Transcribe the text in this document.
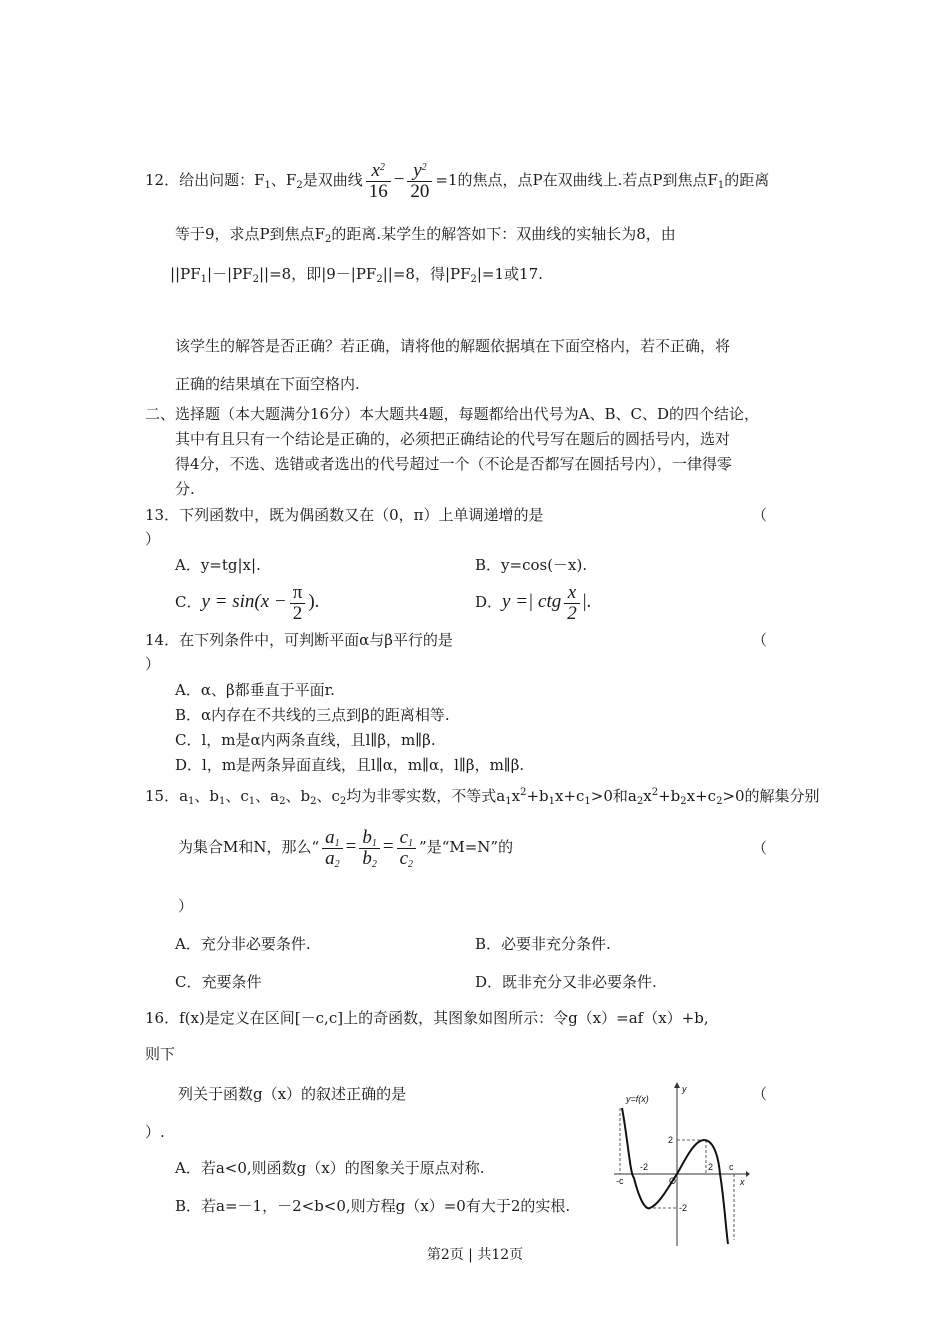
12．给出问题：$F_1$、$F_2$是双曲线 $\frac{x^2}{16} - \frac{y^2}{20} =1$的焦点，点P在双曲线上.若点P到焦点$F_1$的距离
等于9，求点P到焦点$F_2$的距离.某学生的解答如下：双曲线的实轴长为8，由
$||PF_1|-|PF_2||=8$，即$|9-|PF_2||=8$，得$|PF_2|=1$或17.
该学生的解答是否正确？若正确，请将他的解题依据填在下面空格内，若不正确，将
正确的结果填在下面空格内.
二、选择题（本大题满分16分）本大题共4题，每题都给出代号为A、B、C、D的四个结论，
其中有且只有一个结论是正确的，必须把正确结论的代号写在题后的圆括号内，选对
得4分，不选、选错或者选出的代号超过一个（不论是否都写在圆括号内），一律得零
分.
13．下列函数中，既为偶函数又在（0，π）上单调递增的是	（
）
A．y=tg|x|.	B．y=cos(－x).
C．$y = \sin(x - \frac{\pi}{2}$ ).	D．y =| ctg $\frac{x}{2}$ |.
14．在下列条件中，可判断平面α与β平行的是	（
）
A．α、β都垂直于平面r.
B．α内存在不共线的三点到β的距离相等.
C．l，m是α内两条直线，且l∥β，m∥β.
D．l，m是两条异面直线，且l∥α，m∥α，l∥β，m∥β.
15．$a_1$、$b_1$、$c_1$、$a_2$、$b_2$、$c_2$均为非零实数，不等式$a_1x^2+b_1x+c_1>0$和$a_2x^2+b_2x+c_2>0$的解集分别
为集合M和N，那么“ $\frac{a_1}{a_2} = \frac{b_1}{b_2} = \frac{c_1}{c_2}$ ”是“M=N”的	（
）
A．充分非必要条件.	B．必要非充分条件.
C．充要条件	D．既非充分又非必要条件.
16．f(x)是定义在区间[－c,c]上的奇函数，其图象如图所示：令g（x）=af（x）+b,
则下
列关于函数g（x）的叙述正确的是	（
）.
A．若a<0,则函数g（x）的图象关于原点对称.
B．若a=－1，－2<b<0,则方程g（x）=0有大于2的实根.
y=f(x)
y
x
O
2
-2
-2	2
-c
c
第2页 | 共12页
